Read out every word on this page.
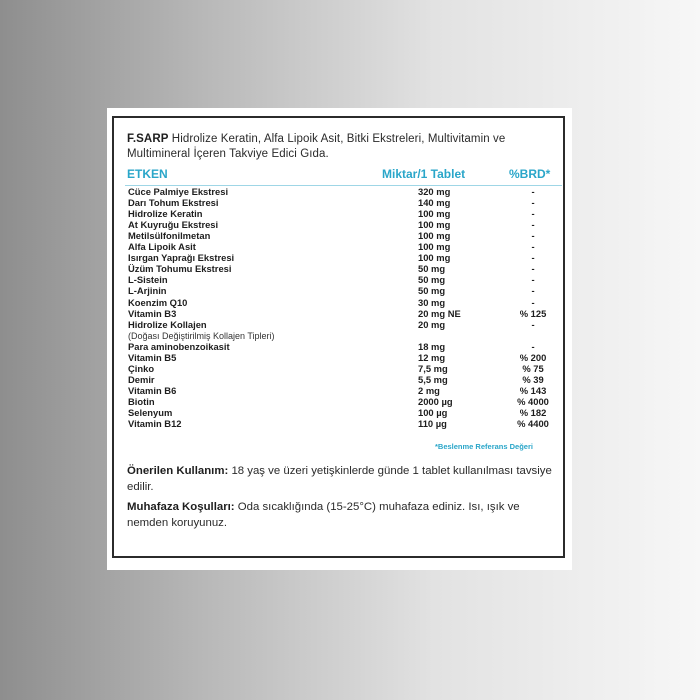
F.SARP Hidrolize Keratin, Alfa Lipoik Asit, Bitki Ekstreleri, Multivitamin ve Multimineral İçeren Takviye Edici Gıda.
ETKEN	Miktar/1 Tablet	%BRD*
Cüce Palmiye Ekstresi	320 mg	-
Darı Tohum Ekstresi	140 mg	-
Hidrolize Keratin	100 mg	-
At Kuyruğu Ekstresi	100 mg	-
Metilsülfonilmetan	100 mg	-
Alfa Lipoik Asit	100 mg	-
Isırgan Yaprağı Ekstresi	100 mg	-
Üzüm Tohumu Ekstresi	50 mg	-
L-Sistein	50 mg	-
L-Arjinin	50 mg	-
Koenzim Q10	30 mg	-
Vitamin B3	20 mg NE	% 125
Hidrolize Kollajen	20 mg	-
(Doğası Değiştirilmiş Kollajen Tipleri)
Para aminobenzoikasit	18 mg	-
Vitamin B5	12 mg	% 200
Çinko	7,5 mg	% 75
Demir	5,5 mg	% 39
Vitamin B6	2 mg	% 143
Biotin	2000 µg	% 4000
Selenyum	100 µg	% 182
Vitamin B12	110 µg	% 4400
*Beslenme Referans Değeri
Önerilen Kullanım: 18 yaş ve üzeri yetişkinlerde günde 1 tablet kullanılması tavsiye edilir.
Muhafaza Koşulları: Oda sıcaklığında (15-25°C) muhafaza ediniz. Isı, ışık ve nemden koruyunuz.
